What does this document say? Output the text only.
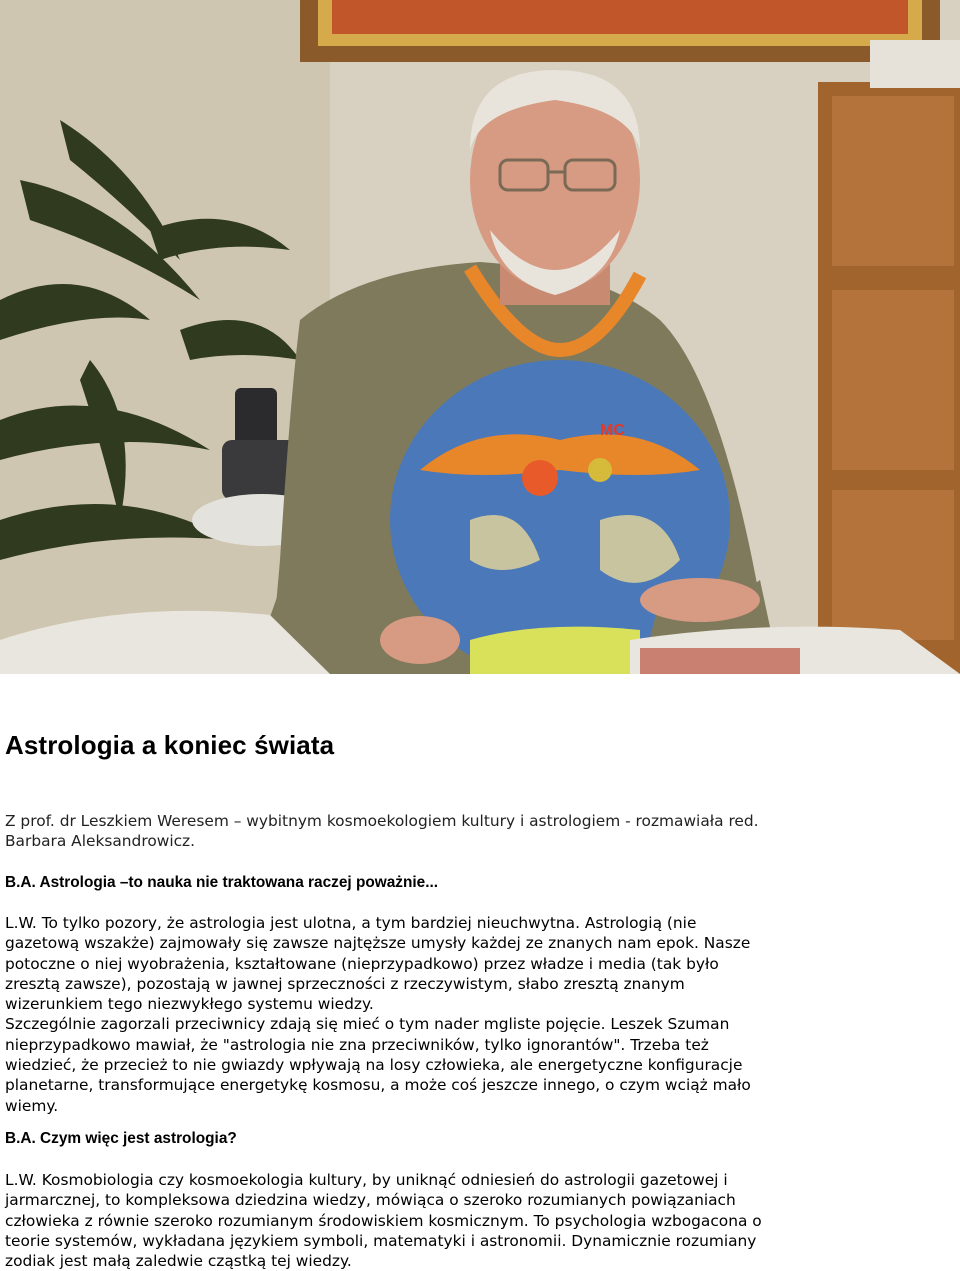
MC
Astrologia a koniec świata

Z prof. dr Leszkiem Weresem – wybitnym kosmoekologiem kultury i astrologiem - rozmawiała red.
Barbara Aleksandrowicz.

B.A. Astrologia –to nauka nie traktowana raczej poważnie...

L.W. To tylko pozory, że astrologia jest ulotna, a tym bardziej nieuchwytna. Astrologią (nie
gazetową wszakże) zajmowały się zawsze najtęższe umysły każdej ze znanych nam epok. Nasze
potoczne o niej wyobrażenia, kształtowane (nieprzypadkowo) przez władze i media (tak było
zresztą zawsze), pozostają w jawnej sprzeczności z rzeczywistym, słabo zresztą znanym
wizerunkiem tego niezwykłego systemu wiedzy.
Szczególnie zagorzali przeciwnicy zdają się mieć o tym nader mgliste pojęcie. Leszek Szuman
nieprzypadkowo mawiał, że "astrologia nie zna przeciwników, tylko ignorantów". Trzeba też
wiedzieć, że przecież to nie gwiazdy wpływają na losy człowieka, ale energetyczne konfiguracje
planetarne, transformujące energetykę kosmosu, a może coś jeszcze innego, o czym wciąż mało
wiemy.

B.A. Czym więc jest astrologia?

L.W. Kosmobiologia czy kosmoekologia kultury, by uniknąć odniesień do astrologii gazetowej i
jarmarcznej, to kompleksowa dziedzina wiedzy, mówiąca o szeroko rozumianych powiązaniach
człowieka z równie szeroko rozumianym środowiskiem kosmicznym. To psychologia wzbogacona o
teorie systemów, wykładana językiem symboli, matematyki i astronomii. Dynamicznie rozumiany
zodiak jest małą zaledwie cząstką tej wiedzy.
